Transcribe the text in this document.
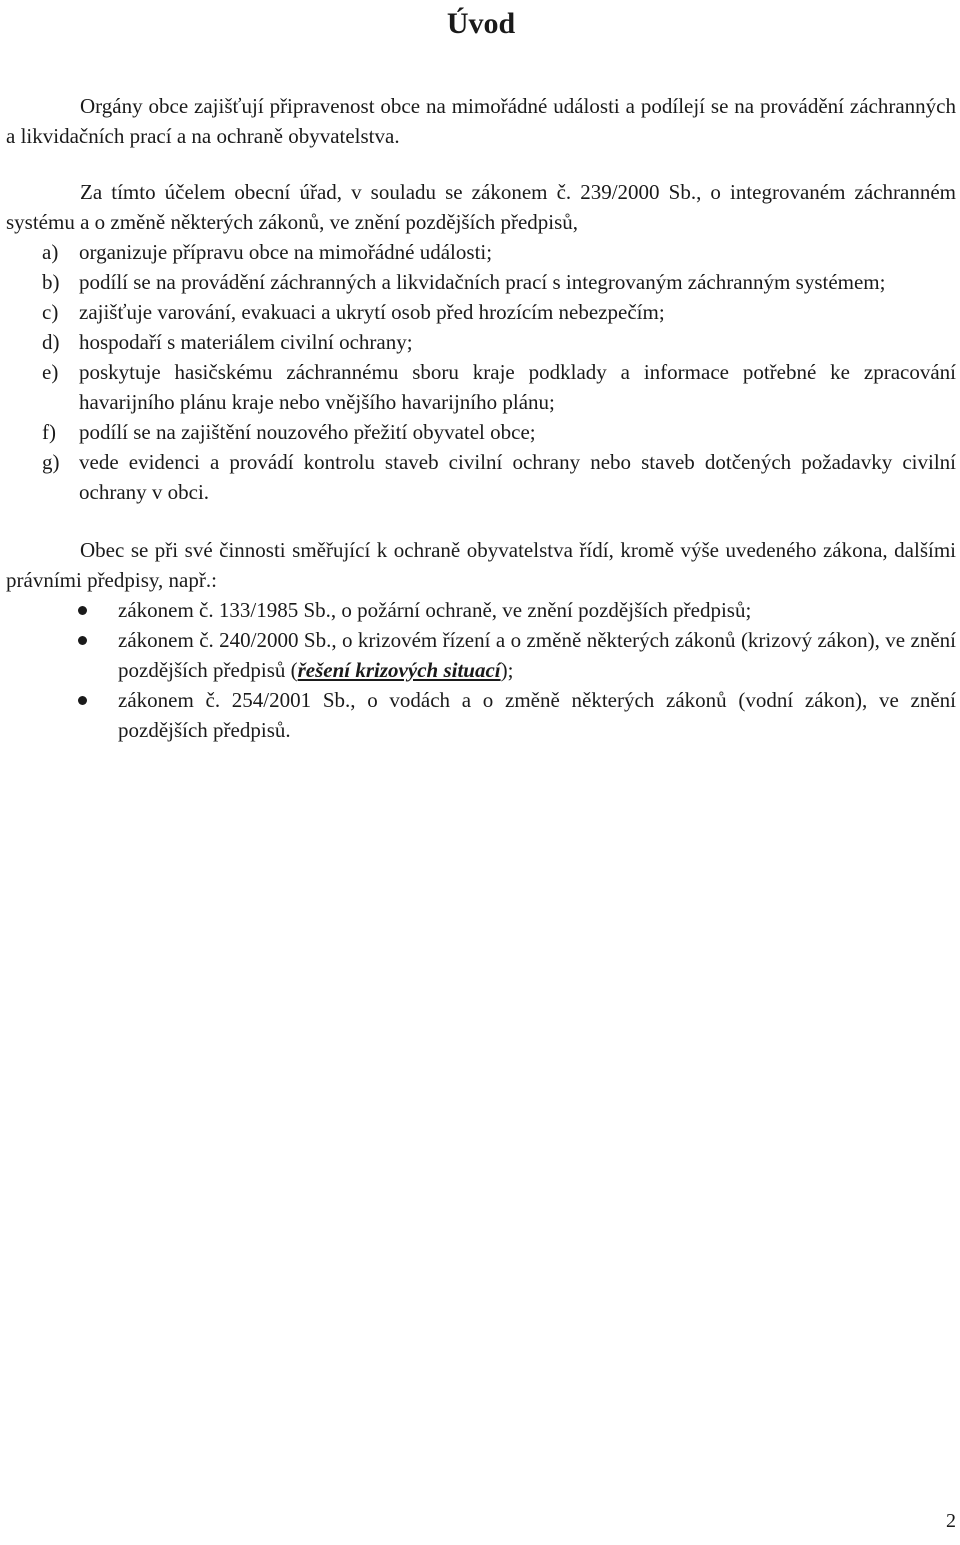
Úvod

Orgány obce zajišťují připravenost obce na mimořádné události a podílejí se na provádění záchranných a likvidačních prací a na ochraně obyvatelstva.

Za tímto účelem obecní úřad, v souladu se zákonem č. 239/2000 Sb., o integrovaném záchranném systému a o změně některých zákonů, ve znění pozdějších předpisů,

a) organizuje přípravu obce na mimořádné události;
b) podílí se na provádění záchranných a likvidačních prací s integrovaným záchranným systémem;
c) zajišťuje varování, evakuaci a ukrytí osob před hrozícím nebezpečím;
d) hospodaří s materiálem civilní ochrany;
e) poskytuje hasičskému záchrannému sboru kraje podklady a informace potřebné ke zpracování havarijního plánu kraje nebo vnějšího havarijního plánu;
f) podílí se na zajištění nouzového přežití obyvatel obce;
g) vede evidenci a provádí kontrolu staveb civilní ochrany nebo staveb dotčených požadavky civilní ochrany v obci.

Obec se při své činnosti směřující k ochraně obyvatelstva řídí, kromě výše uvedeného zákona, dalšími právními předpisy, např.:

zákonem č. 133/1985 Sb., o požární ochraně, ve znění pozdějších předpisů;
zákonem č. 240/2000 Sb., o krizovém řízení a o změně některých zákonů (krizový zákon), ve znění pozdějších předpisů (řešení krizových situací);
zákonem č. 254/2001 Sb., o vodách a o změně některých zákonů (vodní zákon), ve znění pozdějších předpisů.
2
